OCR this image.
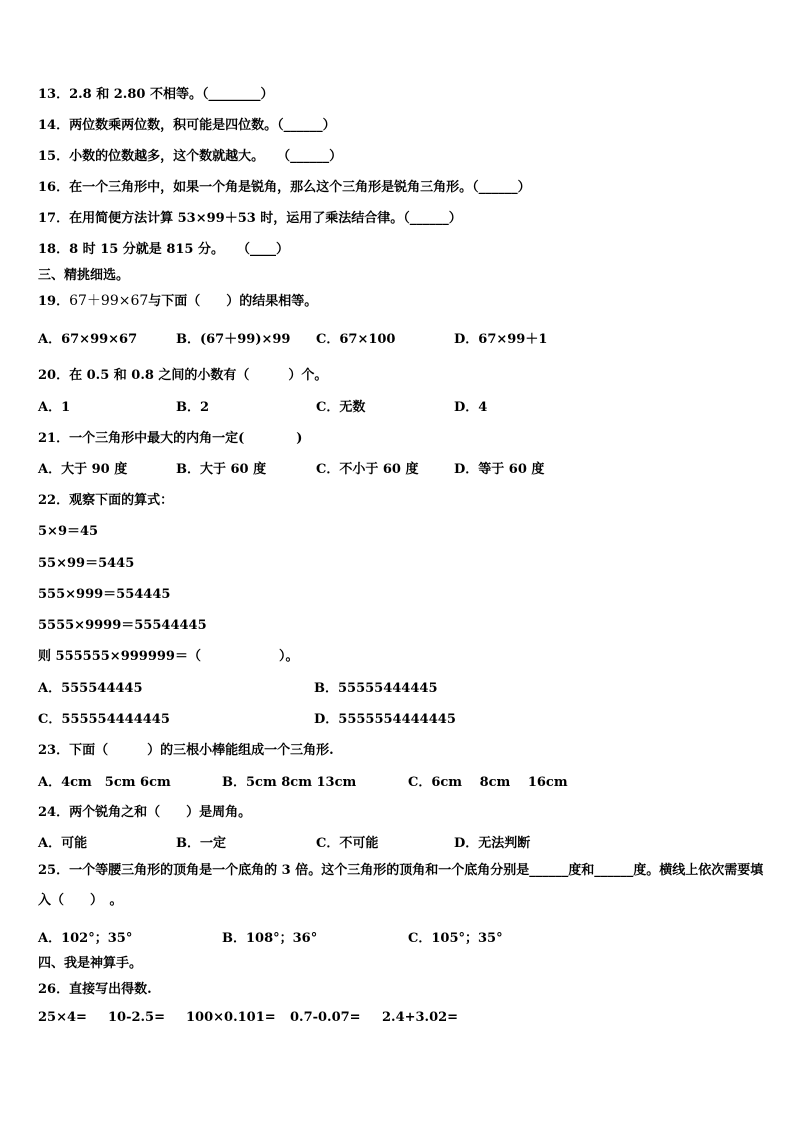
13．2.8 和 2.80 不相等。（________）
14．两位数乘两位数，积可能是四位数。（______）
15．小数的位数越多，这个数就越大。　　（______）
16．在一个三角形中，如果一个角是锐角，那么这个三角形是锐角三角形。（______）
17．在用简便方法计算 53×99＋53 时，运用了乘法结合律。（______）
18．8 时 15 分就是 815 分。　　（____）
三、精挑细选。
19．67＋99×67与下面（　　）的结果相等。
A．67×99×67	B．(67＋99)×99 C．67×100	D．67×99＋1
20．在 0.5 和 0.8 之间的小数有（　　　）个。
A．1	B．2	C．无数	D．4
21．一个三角形中最大的内角一定(　　　　)
A．大于 90 度	B．大于 60 度	C．不小于 60 度	D．等于 60 度
22．观察下面的算式：
5×9＝45
55×99＝5445
555×999＝554445
5555×9999＝55544445
则 555555×999999＝（　　　　　　）。
A．555544445	B．55555444445
C．555554444445	D．5555554444445
23．下面（　　　）的三根小棒能组成一个三角形.
A．4cm　5cm 6cm	B．5cm 8cm 13cm	C．6cm　 8cm　 16cm
24．两个锐角之和（　　）是周角。
A．可能	B．一定	C．不可能	D．无法判断
25．一个等腰三角形的顶角是一个底角的 3 倍。这个三角形的顶角和一个底角分别是______度和______度。横线上依次需要填入（　　）　。
A．102°；35°	B．108°；36°	C．105°；35°
四、我是神算手。
26．直接写出得数.
25×4= 10-2.5= 100×0.101= 0.7-0.07= 2.4+3.02=
